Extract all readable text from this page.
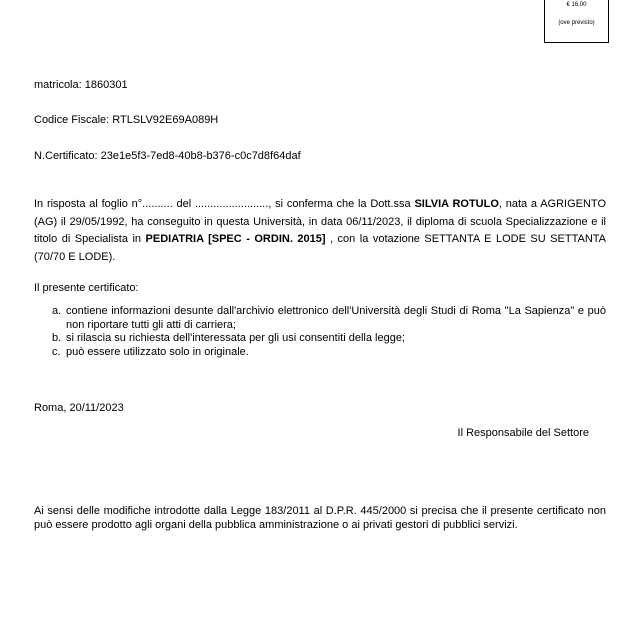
€ 16,00
(ove previsto)
matricola: 1860301
Codice Fiscale: RTLSLV92E69A089H
N.Certificato: 23e1e5f3-7ed8-40b8-b376-c0c7d8f64daf
In risposta al foglio n°.......... del ........................, si conferma che la Dott.ssa SILVIA ROTULO, nata a AGRIGENTO (AG) il 29/05/1992, ha conseguito in questa Università, in data 06/11/2023, il diploma di scuola Specializzazione e il titolo di Specialista in PEDIATRIA [SPEC - ORDIN. 2015] , con la votazione SETTANTA E LODE SU SETTANTA (70/70 E LODE).
Il presente certificato:
a. contiene informazioni desunte dall'archivio elettronico dell'Università degli Studi di Roma "La Sapienza" e può non riportare tutti gli atti di carriera;
b. si rilascia su richiesta dell'interessata per gli usi consentiti della legge;
c. può essere utilizzato solo in originale.
Roma, 20/11/2023
Il Responsabile del Settore
Ai sensi delle modifiche introdotte dalla Legge 183/2011 al D.P.R. 445/2000 si precisa che il presente certificato non può essere prodotto agli organi della pubblica amministrazione o ai privati gestori di pubblici servizi.
